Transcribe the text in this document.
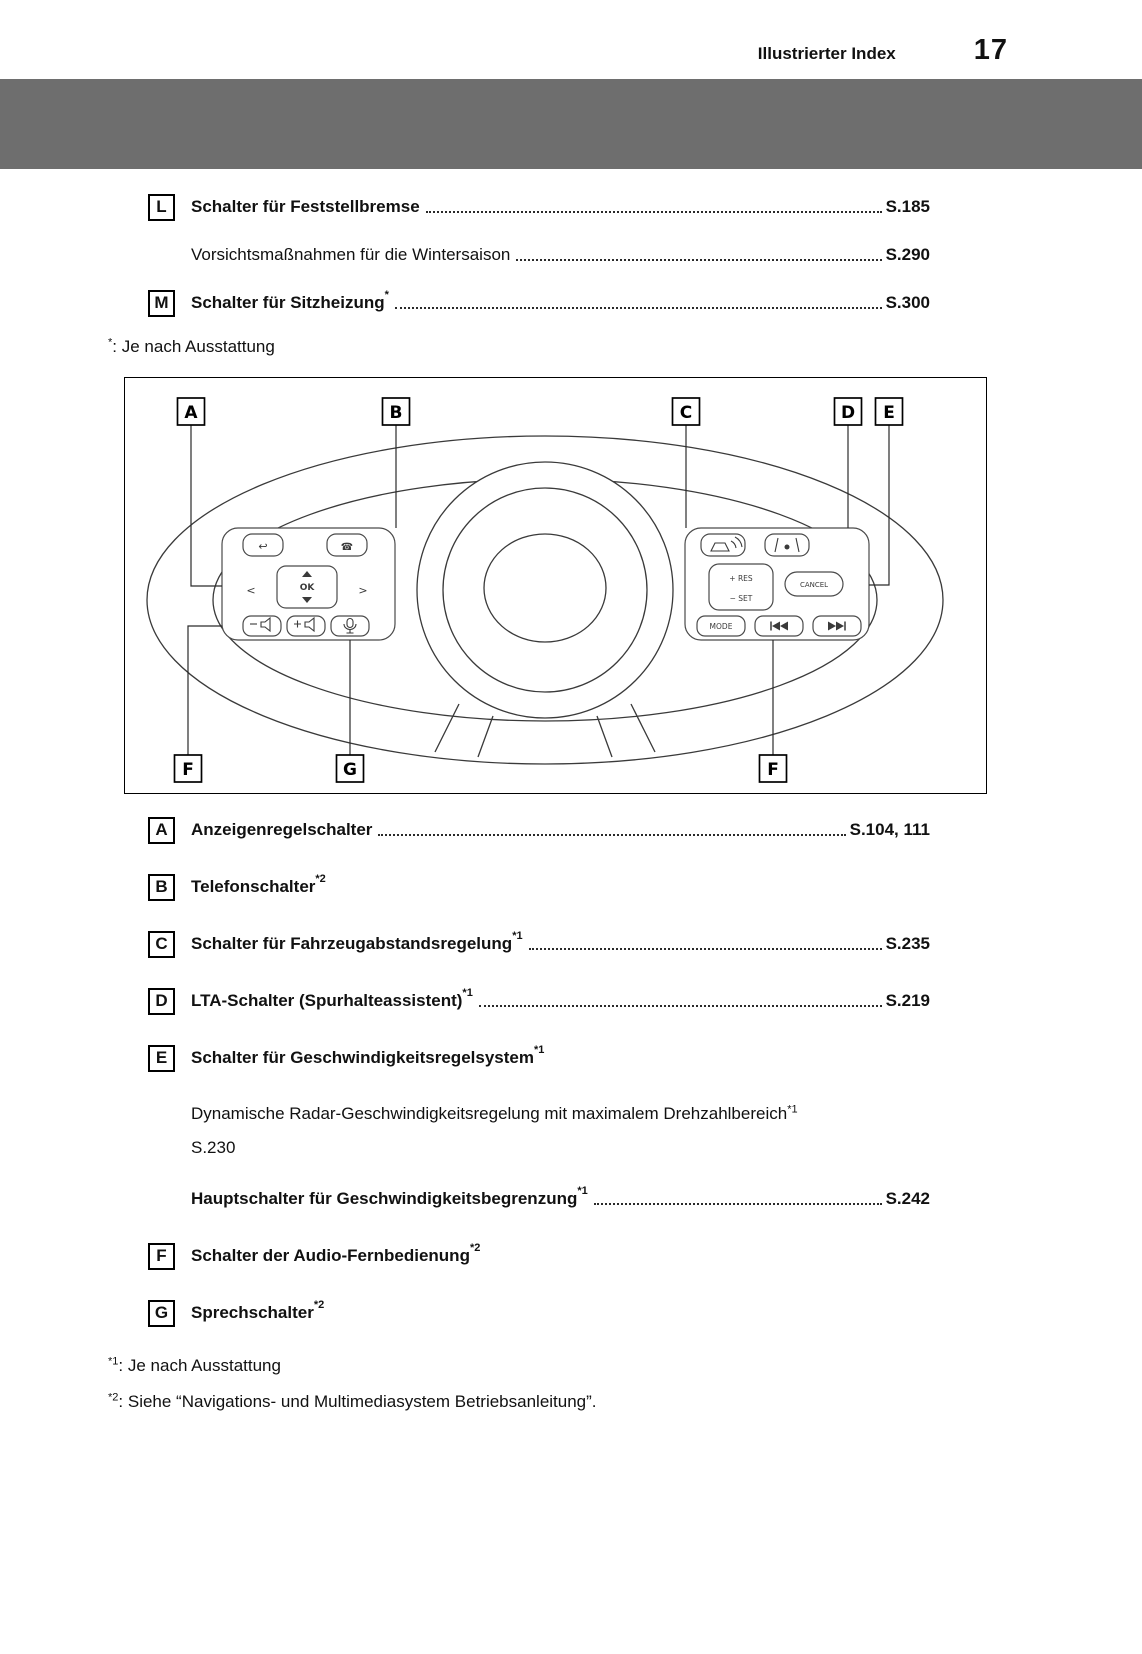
Illustrierter Index	17
L	Schalter für Feststellbremse	S.185
Vorsichtsmaßnahmen für die Wintersaison	S.290
M	Schalter für Sitzheizung*	S.300
*: Je nach Ausstattung
↩	☎
<	>
OK
+ RES
− SET
CANCEL
MODE
A	B	C	D E
F	G	F
A	Anzeigenregelschalter	S.104, 111
B	Telefonschalter$^{*2}$
C	Schalter für Fahrzeugabstandsregelung$^{*1}$	S.235
D	LTA-Schalter (Spurhalteassistent)$^{*1}$	S.219
E	Schalter für Geschwindigkeitsregelsystem$^{*1}$
Dynamische Radar-Geschwindigkeitsregelung mit maximalem Drehzahlbereich$^{*1}$
S.230
Hauptschalter für Geschwindigkeitsbegrenzung$^{*1}$	S.242
F	Schalter der Audio-Fernbedienung$^{*2}$
G	Sprechschalter$^{*2}$
$^{*1}$: Je nach Ausstattung
$^{*2}$: Siehe “Navigations- und Multimediasystem Betriebsanleitung”.
